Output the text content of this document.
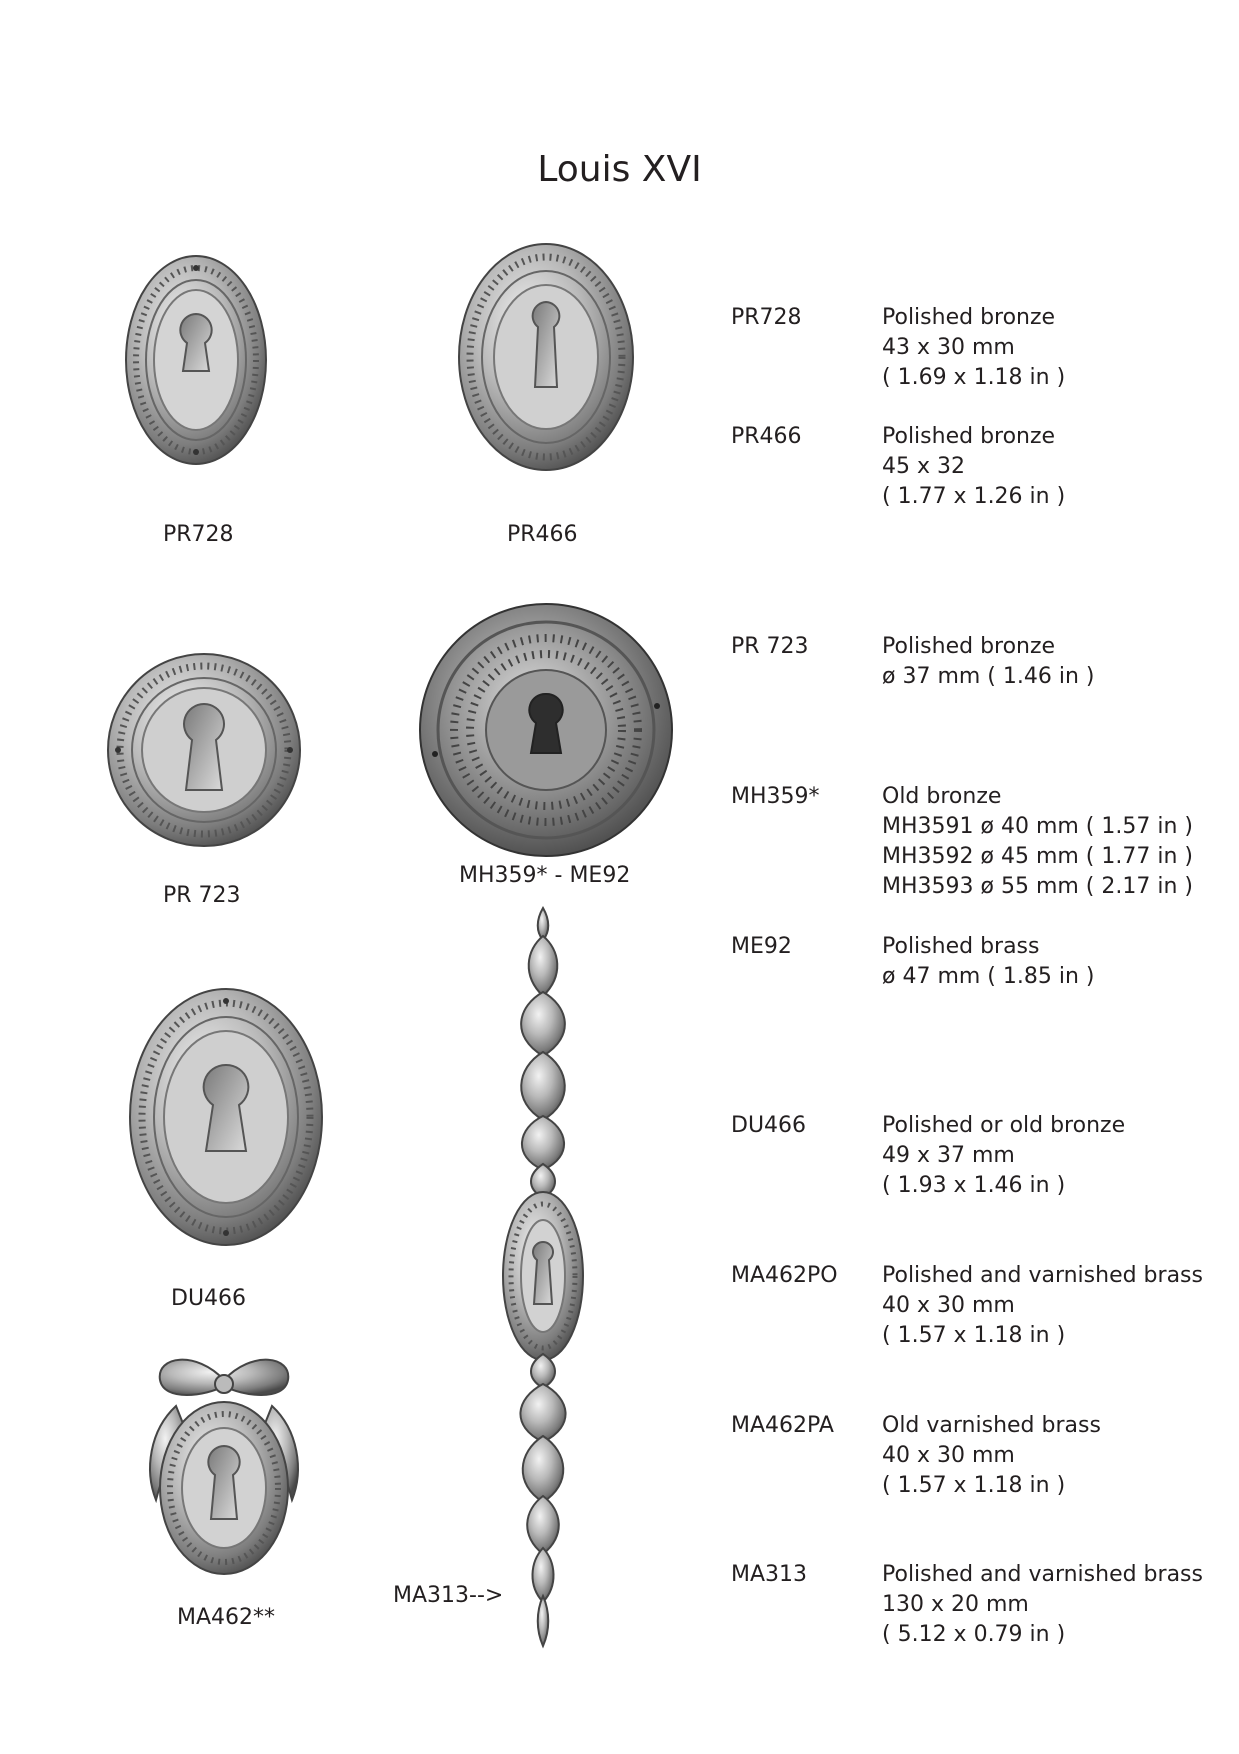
Louis XVI
PR728	PR466
PR 723
MH359* - ME92
DU466
MA462**
MA313-->
PR728	Polished bronze
43 x 30 mm
( 1.69 x 1.18 in )
PR466	Polished bronze
45 x 32
( 1.77 x 1.26 in )
PR 723	Polished bronze
ø 37 mm ( 1.46 in )
MH359*	Old bronze
MH3591 ø 40 mm ( 1.57 in )
MH3592 ø 45 mm ( 1.77 in )
MH3593 ø 55 mm ( 2.17 in )
ME92	Polished brass
ø 47 mm ( 1.85 in )
DU466	Polished or old bronze
49 x 37 mm
( 1.93 x 1.46 in )
MA462PO Polished and varnished brass
40 x 30 mm
( 1.57 x 1.18 in )
MA462PA Old varnished brass
40 x 30 mm
( 1.57 x 1.18 in )
MA313	Polished and varnished brass
130 x 20 mm
( 5.12 x 0.79 in )
